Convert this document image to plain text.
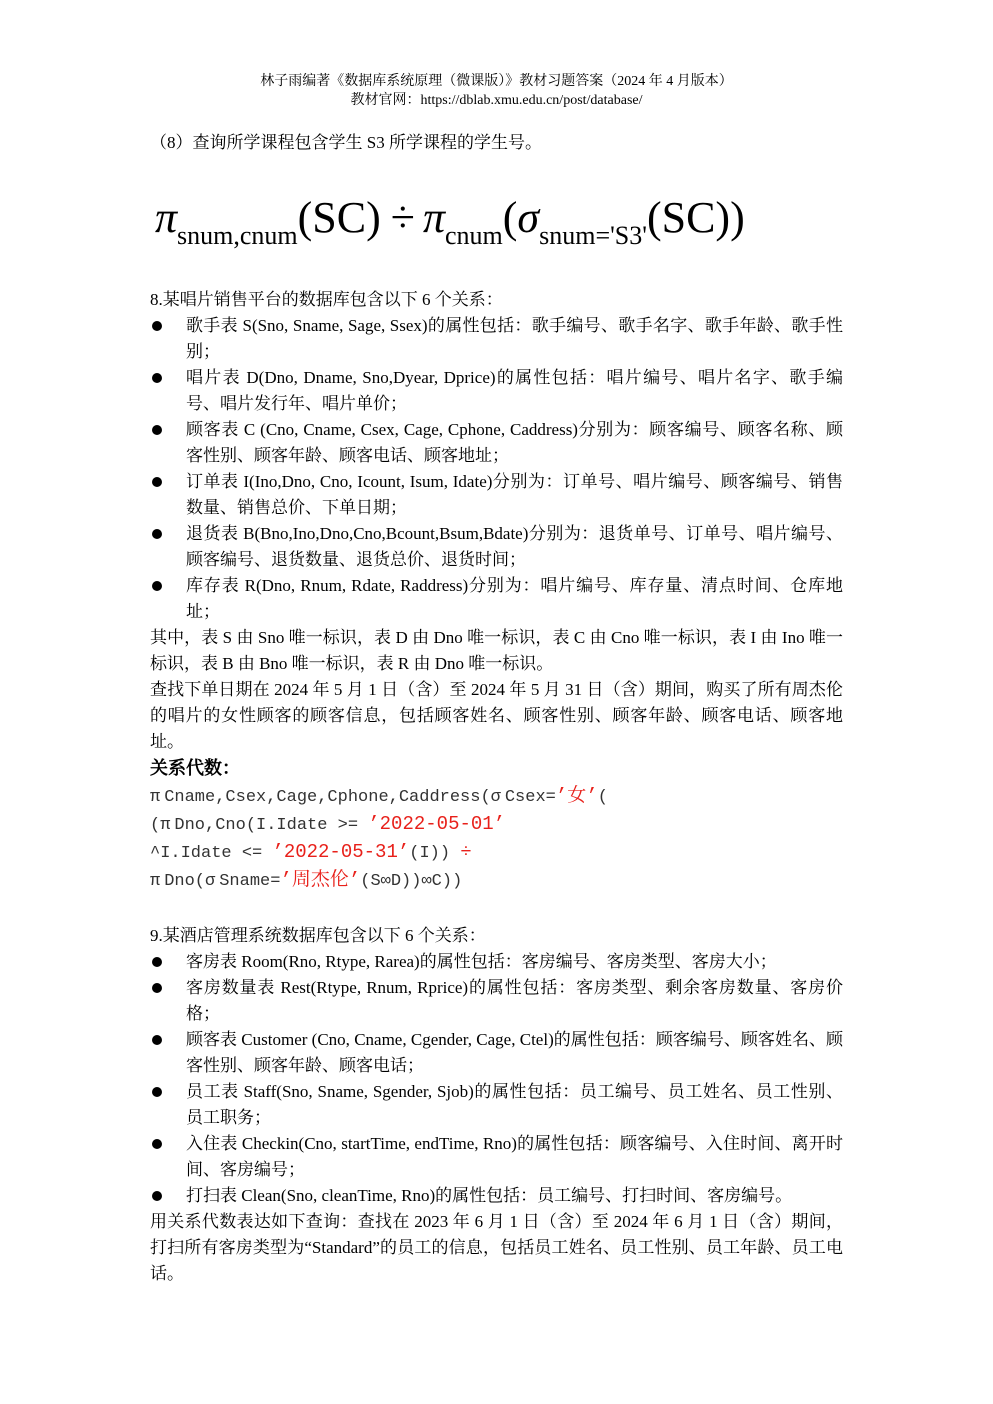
林子雨编著《数据库系统原理（微课版）》教材习题答案（2024 年 4 月版本）
教材官网：https://dblab.xmu.edu.cn/post/database/

（8）查询所学课程包含学生 S3 所学课程的学生号。

$\pi_{snum,cnum}(SC) \div \pi_{cnum}(\sigma_{snum='S3'}(SC))$

8.某唱片销售平台的数据库包含以下 6 个关系：

歌手表 S(Sno, Sname, Sage, Ssex)的属性包括：歌手编号、歌手名字、歌手年龄、歌手性别；
唱片表 D(Dno, Dname, Sno,Dyear, Dprice)的属性包括：唱片编号、唱片名字、歌手编号、唱片发行年、唱片单价；
顾客表 C (Cno, Cname, Csex, Cage, Cphone, Caddress)分别为：顾客编号、顾客名称、顾客性别、顾客年龄、顾客电话、顾客地址；
订单表 I(Ino,Dno, Cno, Icount, Isum, Idate)分别为：订单号、唱片编号、顾客编号、销售数量、销售总价、下单日期；
退货表 B(Bno,Ino,Dno,Cno,Bcount,Bsum,Bdate)分别为：退货单号、订单号、唱片编号、顾客编号、退货数量、退货总价、退货时间；
库存表 R(Dno, Rnum, Rdate, Raddress)分别为：唱片编号、库存量、清点时间、仓库地址；

其中，表 S 由 Sno 唯一标识，表 D 由 Dno 唯一标识，表 C 由 Cno 唯一标识，表 I 由 Ino 唯一标识，表 B 由 Bno 唯一标识，表 R 由 Dno 唯一标识。

查找下单日期在 2024 年 5 月 1 日（含）至 2024 年 5 月 31 日（含）期间，购买了所有周杰伦的唱片的女性顾客的顾客信息，包括顾客姓名、顾客性别、顾客年龄、顾客电话、顾客地址。

关系代数：

π Cname,Csex,Cage,Cphone,Caddress(σ Csex=’女’(
(π Dno,Cno(I.Idate >= ’2022-05-01’
^I.Idate <= ’2022-05-31’(I)) ÷
π Dno(σ Sname=’周杰伦’(S∞D))∞C))

9.某酒店管理系统数据库包含以下 6 个关系：

客房表 Room(Rno, Rtype, Rarea)的属性包括：客房编号、客房类型、客房大小；
客房数量表 Rest(Rtype, Rnum, Rprice)的属性包括：客房类型、剩余客房数量、客房价格；
顾客表 Customer (Cno, Cname, Cgender, Cage, Ctel)的属性包括：顾客编号、顾客姓名、顾客性别、顾客年龄、顾客电话；
员工表 Staff(Sno, Sname, Sgender, Sjob)的属性包括：员工编号、员工姓名、员工性别、员工职务；
入住表 Checkin(Cno, startTime, endTime, Rno)的属性包括：顾客编号、入住时间、离开时间、客房编号；
打扫表 Clean(Sno, cleanTime, Rno)的属性包括：员工编号、打扫时间、客房编号。

用关系代数表达如下查询：查找在 2023 年 6 月 1 日（含）至 2024 年 6 月 1 日（含）期间，打扫所有客房类型为“Standard”的员工的信息，包括员工姓名、员工性别、员工年龄、员工电话。
